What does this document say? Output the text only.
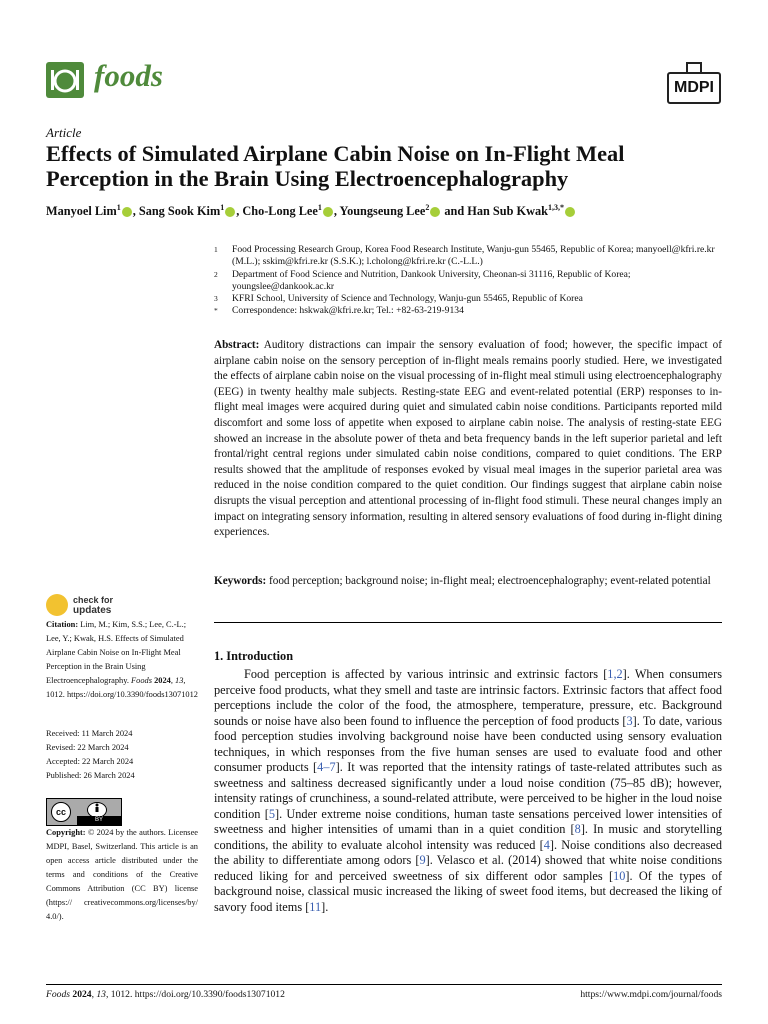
foods	MDPI
Article
Effects of Simulated Airplane Cabin Noise on In-Flight Meal Perception in the Brain Using Electroencephalography
Manyoel Lim$^1$ , Sang Sook Kim$^1$ , Cho-Long Lee$^1$ , Youngseung Lee$^2$ and Han Sub Kwak$^{1,3,*}$
1 Food Processing Research Group, Korea Food Research Institute, Wanju-gun 55465, Republic of Korea; manyoell@kfri.re.kr (M.L.); sskim@kfri.re.kr (S.S.K.); l.cholong@kfri.re.kr (C.-L.L.)
2 Department of Food Science and Nutrition, Dankook University, Cheonan-si 31116, Republic of Korea; youngslee@dankook.ac.kr
3 KFRI School, University of Science and Technology, Wanju-gun 55465, Republic of Korea
* Correspondence: hskwak@kfri.re.kr; Tel.: +82-63-219-9134
Abstract: Auditory distractions can impair the sensory evaluation of food; however, the specific impact of airplane cabin noise on the sensory perception of in-flight meals remains poorly studied. Here, we investigated the effects of airplane cabin noise on the visual processing of in-flight meal stimuli using electroencephalography (EEG) in twenty healthy male subjects. Resting-state EEG and event-related potential (ERP) responses to in-flight meal images were acquired during quiet and simulated cabin noise conditions. Participants reported mild discomfort and some loss of appetite when exposed to airplane cabin noise. The analysis of resting-state EEG showed an increase in the absolute power of theta and beta frequency bands in the left superior parietal and left frontal/right central regions under simulated cabin noise conditions, compared to quiet conditions. The ERP results showed that the amplitude of responses evoked by visual meal images in the superior parietal area was reduced in the noise condition compared to the quiet condition. Our findings suggest that airplane cabin noise disrupts the visual perception and attentional processing of in-flight food stimuli. These neural changes imply an impact on integrating sensory information, resulting in altered sensory evaluations of food during in-flight dining experiences.
Keywords: food perception; background noise; in-flight meal; electroencephalography; event-related potential
check for
updates
Citation: Lim, M.; Kim, S.S.; Lee, C.-L.; Lee, Y.; Kwak, H.S. Effects of Simulated Airplane Cabin Noise on In-Flight Meal Perception in the Brain Using Electroencephalography. Foods 2024, 13, 1012. https://doi.org/10.3390/foods13071012
Received: 11 March 2024
Revised: 22 March 2024
Accepted: 22 March 2024
Published: 26 March 2024
cc
BY
Copyright: © 2024 by the authors. Licensee MDPI, Basel, Switzerland. This article is an open access article distributed under the terms and conditions of the Creative Commons Attribution (CC BY) license (https:// creativecommons.org/licenses/by/ 4.0/).
1. Introduction

Food perception is affected by various intrinsic and extrinsic factors [1,2]. When consumers perceive food products, what they smell and taste are intrinsic factors. Extrinsic factors that affect food perceptions include the color of the food, the atmosphere, temperature, pressure, etc. Background sounds or noise have also been found to influence the perception of food products [3]. To date, various food perception studies involving background noise have been conducted using sensory evaluation techniques, in which responses from the five human senses are used to evaluate food and other consumer products [4–7]. It was reported that the intensity ratings of taste-related attributes such as sweetness and saltiness decreased significantly under a loud noise condition (75–85 dB); however, intensity ratings of crunchiness, a sound-related attribute, were perceived to be higher in the loud noise condition [5]. Under extreme noise conditions, human taste sensations perceived lower intensities of sweetness and higher intensities of umami than in a quiet condition [8]. In music and storytelling conditions, the ability to evaluate alcohol intensity was reduced [4]. Noise conditions also decreased the ability to differentiate among odors [9]. Velasco et al. (2014) showed that white noise conditions reduced liking for and perceived sweetness of six different odor samples [10]. Of the types of background noise, classical music increased the liking of sweet food items, but decreased the liking of savory food items [11].

Foods 2024, 13, 1012. https://doi.org/10.3390/foods13071012	https://www.mdpi.com/journal/foods
